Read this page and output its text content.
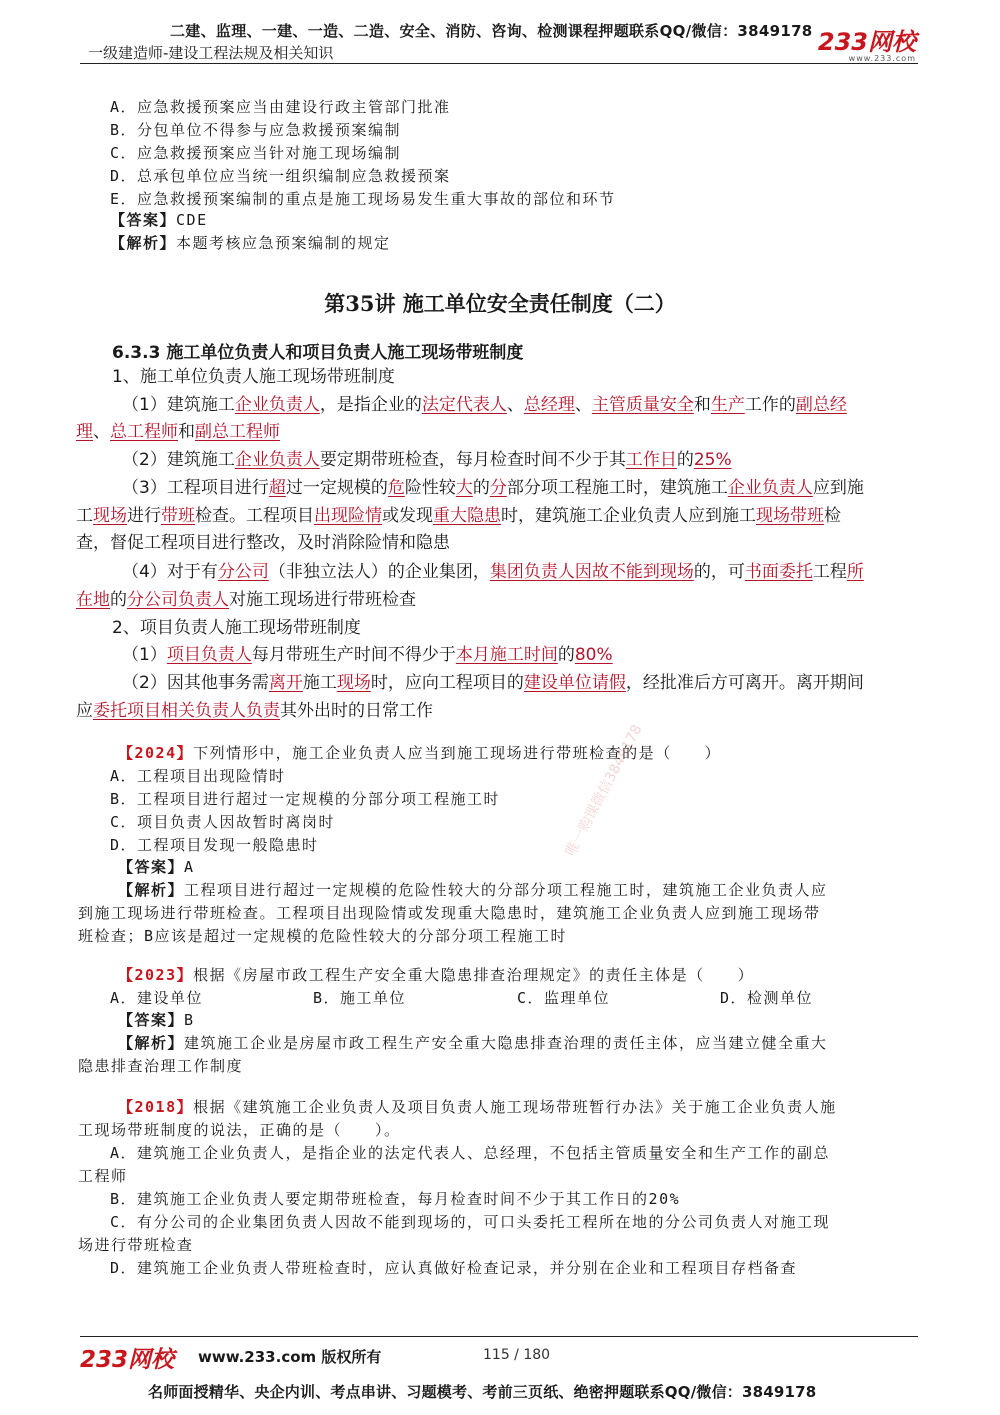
二建、监理、一建、一造、二造、安全、消防、咨询、检测课程押题联系QQ/微信：3849178
一级建造师-建设工程法规及相关知识	233网校
www.233.com
A．应急救援预案应当由建设行政主管部门批准
B．分包单位不得参与应急救援预案编制
C．应急救援预案应当针对施工现场编制
D．总承包单位应当统一组织编制应急救援预案
E．应急救援预案编制的重点是施工现场易发生重大事故的部位和环节
【答案】CDE
【解析】本题考核应急预案编制的规定
第35讲 施工单位安全责任制度（二）
6.3.3 施工单位负责人和项目负责人施工现场带班制度
1、施工单位负责人施工现场带班制度
（1）建筑施工企业负责人，是指企业的法定代表人、总经理、主管质量安全和生产工作的副总经
理、总工程师和副总工程师
（2）建筑施工企业负责人要定期带班检查，每月检查时间不少于其工作日的25%
（3）工程项目进行超过一定规模的危险性较大的分部分项工程施工时，建筑施工企业负责人应到施
工现场进行带班检查。工程项目出现险情或发现重大隐患时，建筑施工企业负责人应到施工现场带班检
查，督促工程项目进行整改，及时消除险情和隐患
（4）对于有分公司（非独立法人）的企业集团，集团负责人因故不能到现场的，可书面委托工程所
在地的分公司负责人对施工现场进行带班检查
2、项目负责人施工现场带班制度
（1）项目负责人每月带班生产时间不得少于本月施工时间的80%
（2）因其他事务需离开施工现场时，应向工程项目的建设单位请假，经批准后方可离开。离开期间
应委托项目相关负责人负责其外出时的日常工作
【2024】下列情形中，施工企业负责人应当到施工现场进行带班检查的是（　　）
A．工程项目出现险情时
B．工程项目进行超过一定规模的分部分项工程施工时
C．项目负责人因故暂时离岗时
D．工程项目发现一般隐患时
【答案】A
【解析】工程项目进行超过一定规模的危险性较大的分部分项工程施工时，建筑施工企业负责人应
到施工现场进行带班检查。工程项目出现险情或发现重大隐患时，建筑施工企业负责人应到施工现场带
班检查；B应该是超过一定规模的危险性较大的分部分项工程施工时
【2023】根据《房屋市政工程生产安全重大隐患排查治理规定》的责任主体是（　　）
A．建设单位	B．施工单位	C．监理单位	D．检测单位
【答案】B
【解析】建筑施工企业是房屋市政工程生产安全重大隐患排查治理的责任主体，应当建立健全重大
隐患排查治理工作制度
【2018】根据《建筑施工企业负责人及项目负责人施工现场带班暂行办法》关于施工企业负责人施
工现场带班制度的说法，正确的是（　　）。
A．建筑施工企业负责人，是指企业的法定代表人、总经理，不包括主管质量安全和生产工作的副总
工程师
B．建筑施工企业负责人要定期带班检查，每月检查时间不少于其工作日的20%
C．有分公司的企业集团负责人因故不能到现场的，可口头委托工程所在地的分公司负责人对施工现
场进行带班检查
D．建筑施工企业负责人带班检查时，应认真做好检查记录，并分别在企业和工程项目存档备查
唯一购课微信3849178
233网校 www.233.com 版权所有	115 / 180
名师面授精华、央企内训、考点串讲、习题模考、考前三页纸、绝密押题联系QQ/微信：3849178
